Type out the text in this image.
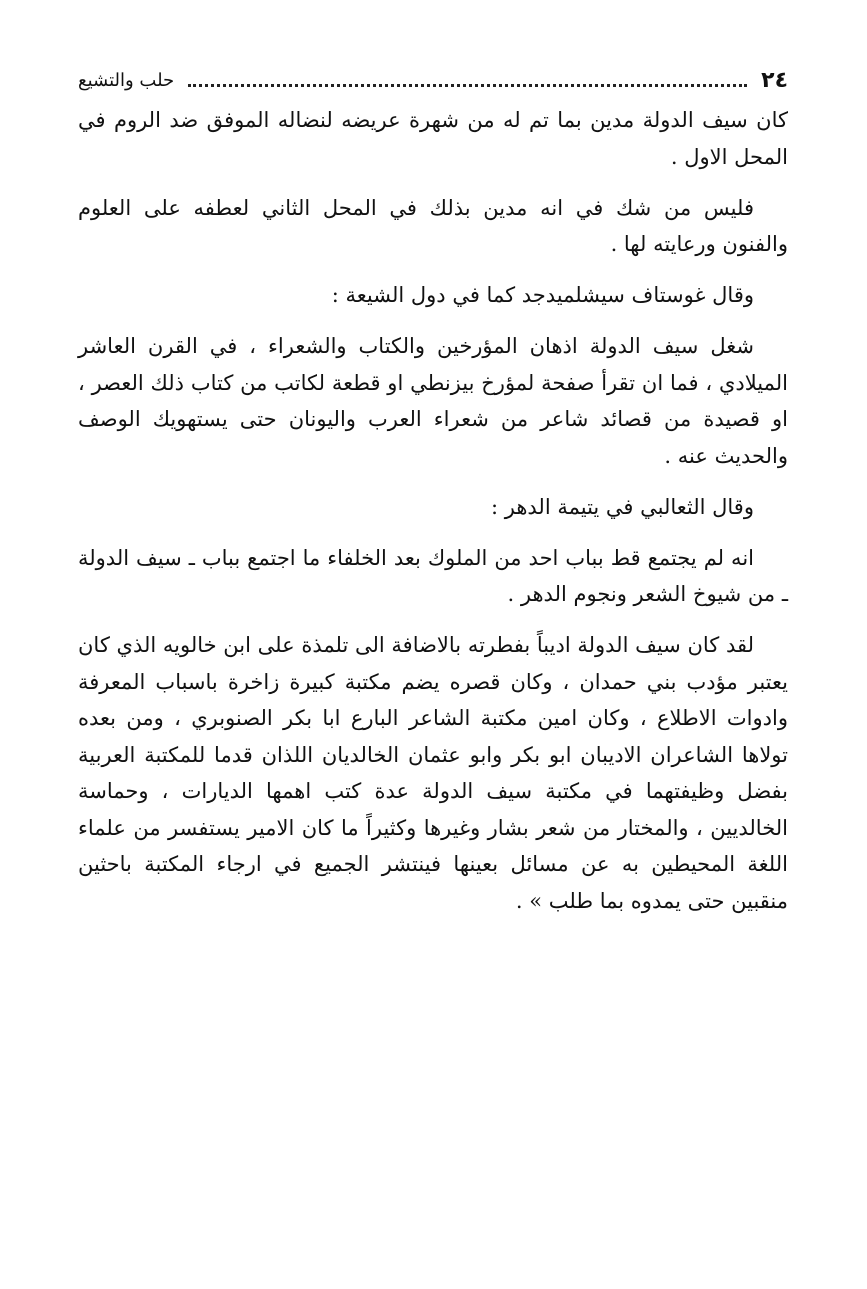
٢٤
حلب والتشيع

كان سيف الدولة مدين بما تم له من شهرة عريضه لنضاله الموفق ضد الروم في المحل الاول .

فليس من شك في انه مدين بذلك في المحل الثاني لعطفه على العلوم والفنون ورعايته لها .

وقال غوستاف سيشلميدجد كما في دول الشيعة :

شغل سيف الدولة اذهان المؤرخين والكتاب والشعراء ، في القرن العاشر الميلادي ، فما ان تقرأ صفحة لمؤرخ بيزنطي او قطعة لكاتب من كتاب ذلك العصر ، او قصيدة من قصائد شاعر من شعراء العرب واليونان حتى يستهويك الوصف والحديث عنه .

وقال الثعالبي في يتيمة الدهر :

انه لم يجتمع قط بباب احد من الملوك بعد الخلفاء ما اجتمع بباب ـ سيف الدولة ـ من شيوخ الشعر ونجوم الدهر .

لقد كان سيف الدولة اديباً بفطرته بالاضافة الى تلمذة على ابن خالويه الذي كان يعتبر مؤدب بني حمدان ، وكان قصره يضم مكتبة كبيرة زاخرة باسباب المعرفة وادوات الاطلاع ، وكان امين مكتبة الشاعر البارع ابا بكر الصنوبري ، ومن بعده تولاها الشاعران الاديبان ابو بكر وابو عثمان الخالديان اللذان قدما للمكتبة العربية بفضل وظيفتهما في مكتبة سيف الدولة عدة كتب اهمها الديارات ، وحماسة الخالديين ، والمختار من شعر بشار وغيرها وكثيراً ما كان الامير يستفسر من علماء اللغة المحيطين به عن مسائل بعينها فينتشر الجميع في ارجاء المكتبة باحثين منقبين حتى يمدوه بما طلب » .
